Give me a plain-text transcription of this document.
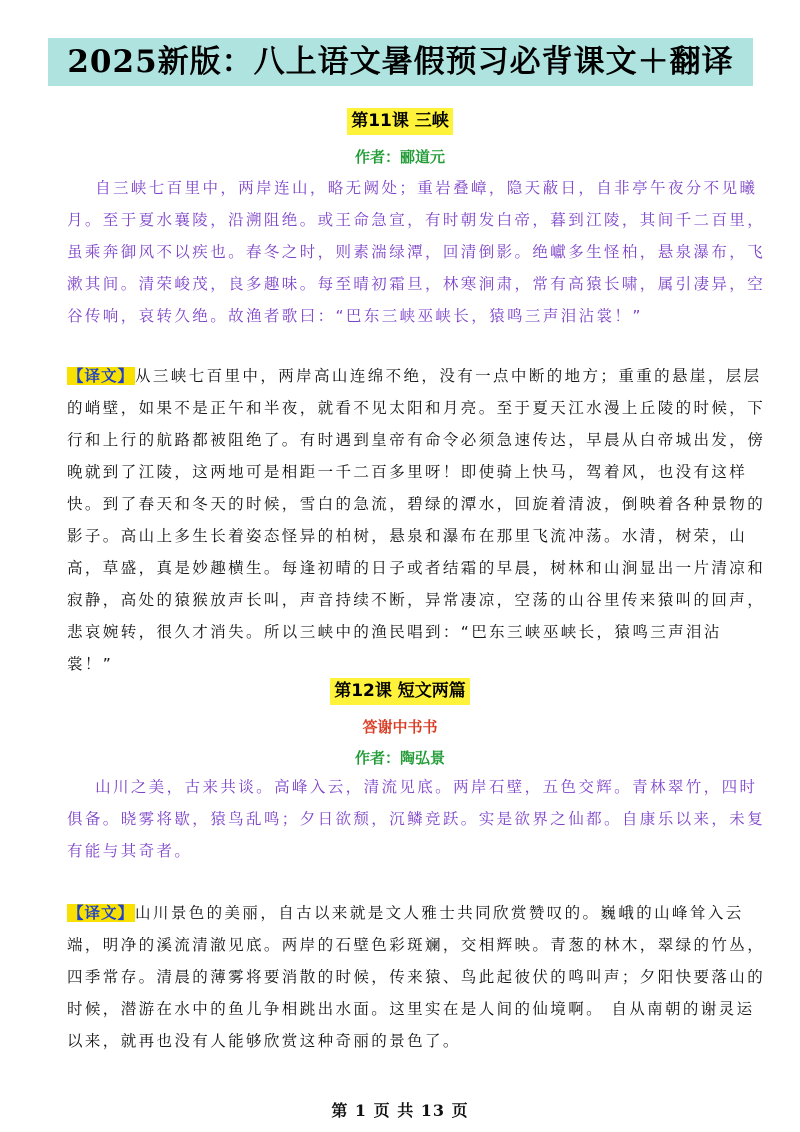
2025新版：八上语文暑假预习必背课文＋翻译
第11课 三峡
作者：郦道元

  自三峡七百里中，两岸连山，略无阙处；重岩叠嶂，隐天蔽日，自非亭午夜分不见曦月。至于夏水襄陵，沿溯阻绝。或王命急宣，有时朝发白帝，暮到江陵，其间千二百里，虽乘奔御风不以疾也。春冬之时，则素湍绿潭，回清倒影。绝巘多生怪柏，悬泉瀑布，飞漱其间。清荣峻茂，良多趣味。每至晴初霜旦，林寒涧肃，常有高猿长啸，属引凄异，空谷传响，哀转久绝。故渔者歌曰：“巴东三峡巫峡长，猿鸣三声泪沾裳！”

【译文】从三峡七百里中，两岸高山连绵不绝，没有一点中断的地方；重重的悬崖，层层的峭壁，如果不是正午和半夜，就看不见太阳和月亮。至于夏天江水漫上丘陵的时候，下行和上行的航路都被阻绝了。有时遇到皇帝有命令必须急速传达，早晨从白帝城出发，傍晚就到了江陵，这两地可是相距一千二百多里呀！即使骑上快马，驾着风，也没有这样快。到了春天和冬天的时候，雪白的急流，碧绿的潭水，回旋着清波，倒映着各种景物的影子。高山上多生长着姿态怪异的柏树，悬泉和瀑布在那里飞流冲荡。水清，树荣，山高，草盛，真是妙趣横生。每逢初晴的日子或者结霜的早晨，树林和山涧显出一片清凉和寂静，高处的猿猴放声长叫，声音持续不断，异常凄凉，空荡的山谷里传来猿叫的回声，悲哀婉转，很久才消失。所以三峡中的渔民唱到：“巴东三峡巫峡长，猿鸣三声泪沾裳！”

第12课 短文两篇
答谢中书书
作者：陶弘景

  山川之美，古来共谈。高峰入云，清流见底。两岸石壁，五色交辉。青林翠竹，四时俱备。晓雾将歇，猿鸟乱鸣；夕日欲颓，沉鳞竞跃。实是欲界之仙都。自康乐以来，未复有能与其奇者。

【译文】山川景色的美丽，自古以来就是文人雅士共同欣赏赞叹的。巍峨的山峰耸入云端，明净的溪流清澈见底。两岸的石壁色彩斑斓，交相辉映。青葱的林木，翠绿的竹丛，四季常存。清晨的薄雾将要消散的时候，传来猿、鸟此起彼伏的鸣叫声；夕阳快要落山的时候，潜游在水中的鱼儿争相跳出水面。这里实在是人间的仙境啊。 自从南朝的谢灵运以来，就再也没有人能够欣赏这种奇丽的景色了。

第 1 页 共 13 页
